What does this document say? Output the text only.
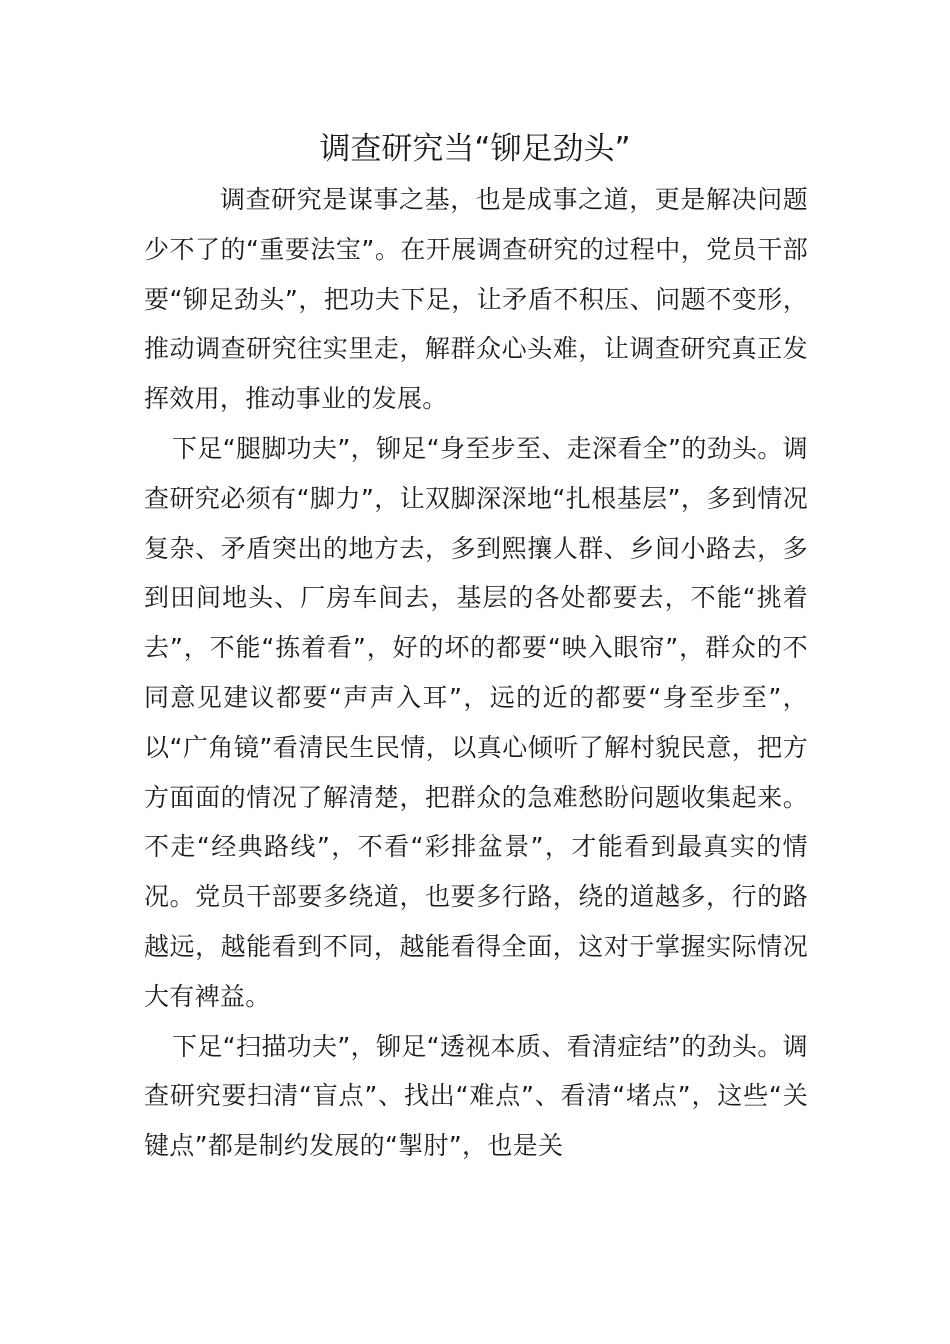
调查研究当“铆足劲头”

调查研究是谋事之基，也是成事之道，更是解决问题少不了的“重要法宝”。在开展调查研究的过程中，党员干部要“铆足劲头”，把功夫下足，让矛盾不积压、问题不变形，推动调查研究往实里走，解群众心头难，让调查研究真正发挥效用，推动事业的发展。

下足“腿脚功夫”，铆足“身至步至、走深看全”的劲头。调查研究必须有“脚力”，让双脚深深地“扎根基层”，多到情况复杂、矛盾突出的地方去，多到熙攘人群、乡间小路去，多到田间地头、厂房车间去，基层的各处都要去，不能“挑着去”，不能“拣着看”，好的坏的都要“映入眼帘”，群众的不同意见建议都要“声声入耳”，远的近的都要“身至步至”，以“广角镜”看清民生民情，以真心倾听了解村貌民意，把方方面面的情况了解清楚，把群众的急难愁盼问题收集起来。不走“经典路线”，不看“彩排盆景”，才能看到最真实的情况。党员干部要多绕道，也要多行路，绕的道越多，行的路越远，越能看到不同，越能看得全面，这对于掌握实际情况大有裨益。

下足“扫描功夫”，铆足“透视本质、看清症结”的劲头。调查研究要扫清“盲点”、找出“难点”、看清“堵点”，这些“关键点”都是制约发展的“掣肘”，也是关
